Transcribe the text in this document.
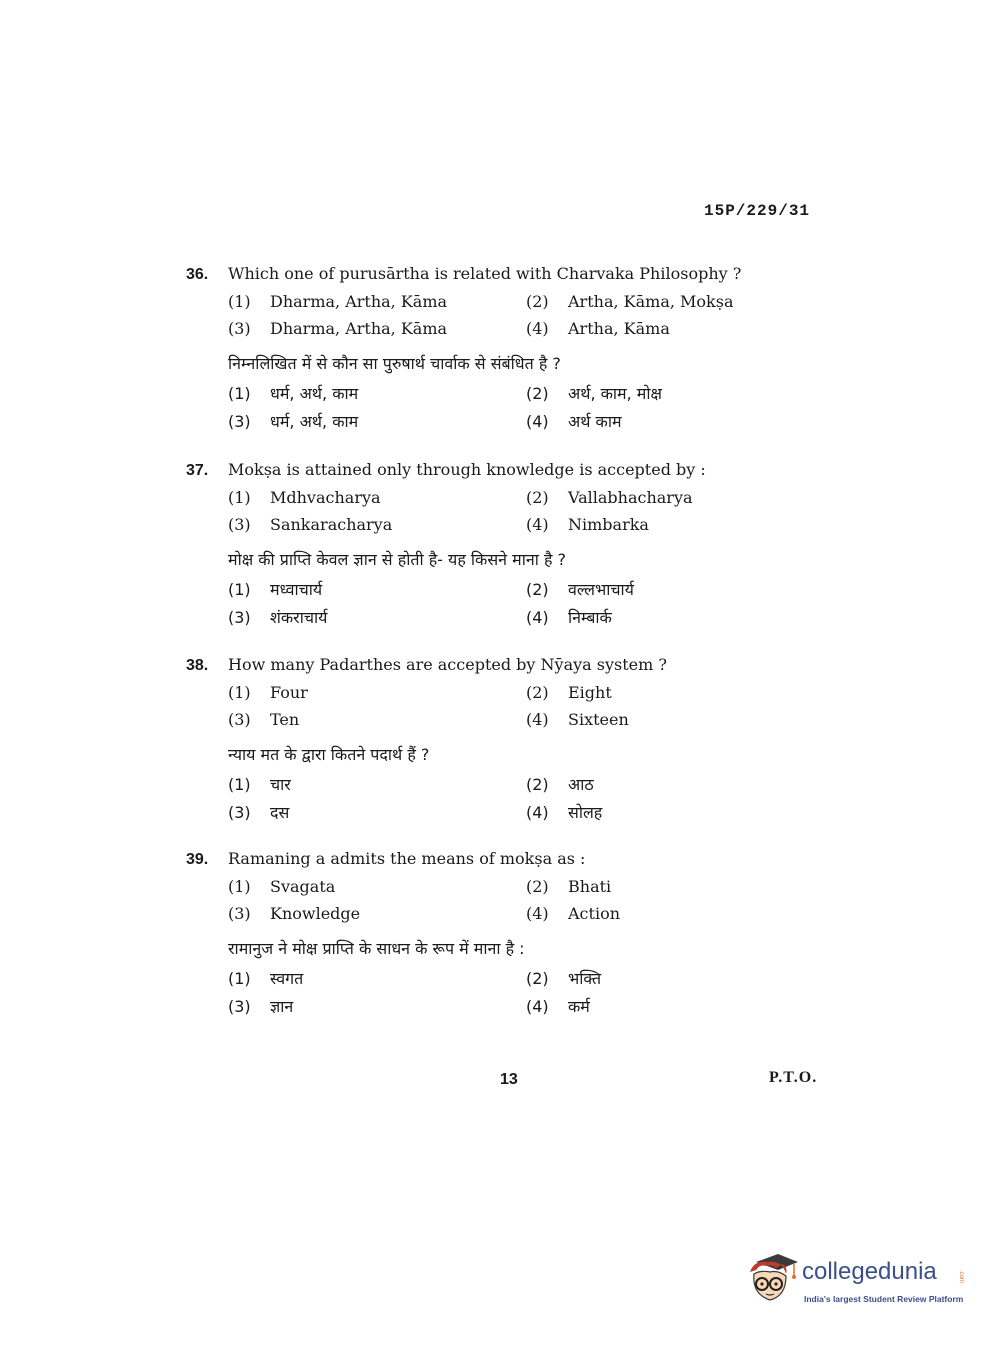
15P/229/31
36.	Which one of purusārtha is related with Charvaka Philosophy ?
(1)	Dharma, Artha, Kāma	(2)	Artha, Kāma, Mokṣa
(3)	Dharma, Artha, Kāma	(4)	Artha, Kāma
निम्नलिखित में से कौन सा पुरुषार्थ चार्वाक से संबंधित है ?
(1)	धर्म, अर्थ, काम	(2)	अर्थ, काम, मोक्ष
(3)	धर्म, अर्थ, काम	(4)	अर्थ काम
37.	Mokṣa is attained only through knowledge is accepted by :
(1)	Mdhvacharya	(2)	Vallabhacharya
(3)	Sankaracharya	(4)	Nimbarka
मोक्ष की प्राप्ति केवल ज्ञान से होती है- यह किसने माना है ?
(1)	मध्वाचार्य	(2)	वल्लभाचार्य
(3)	शंकराचार्य	(4)	निम्बार्क
38.	How many Padarthes are accepted by Nȳaya system ?
(1)	Four	(2)	Eight
(3)	Ten	(4)	Sixteen
न्याय मत के द्वारा कितने पदार्थ हैं ?
(1)	चार	(2)	आठ
(3)	दस	(4)	सोलह
39.	Ramaning a admits the means of mokṣa as :
(1)	Svagata	(2)	Bhati
(3)	Knowledge	(4)	Action
रामानुज ने मोक्ष प्राप्ति के साधन के रूप में माना है :
(1)	स्वगत	(2)	भक्ति
(3)	ज्ञान	(4)	कर्म
13	P.T.O.
collegedunia	.com
India's largest Student Review Platform
